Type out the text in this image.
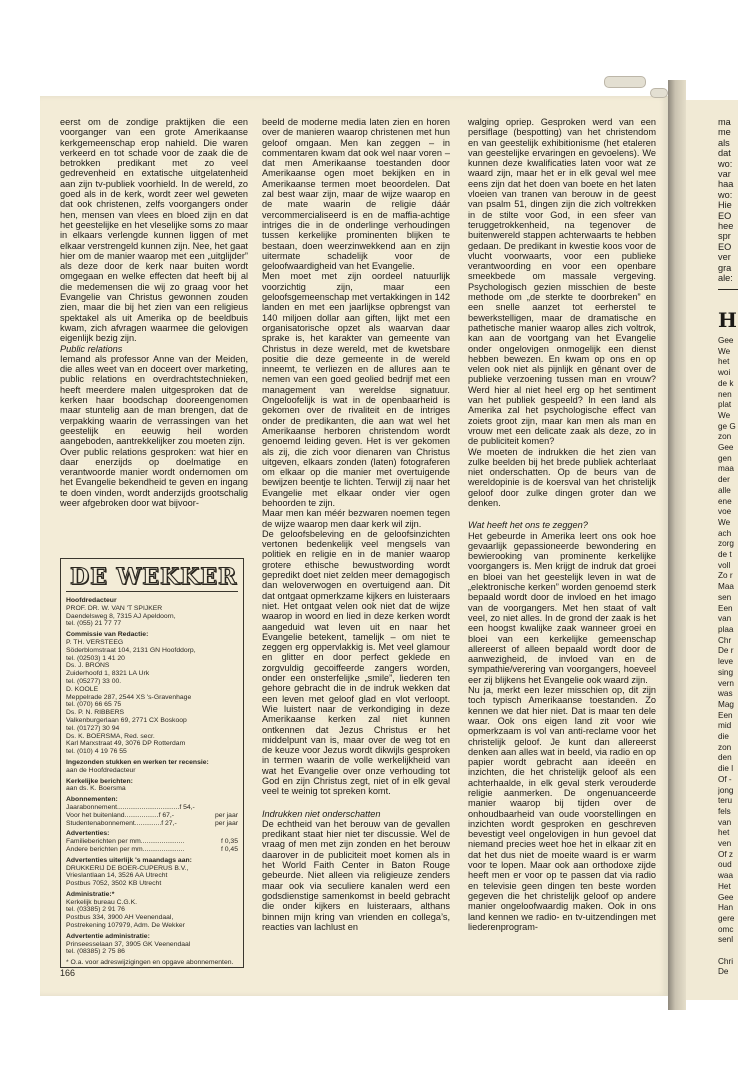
eerst om de zondige praktijken die een voorganger van een grote Amerikaanse kerkgemeenschap erop nahield. Die waren verkeerd en tot schade voor de zaak die de betrokken predikant met zo veel gedrevenheid en extatische uitgelatenheid aan zijn tv-publiek voorhield. In de wereld, zo goed als in de kerk, wordt zeer wel geweten dat ook christenen, zelfs voorgangers onder hen, mensen van vlees en bloed zijn en dat het geestelijke en het vleselijke soms zo maar in elkaars verlengde kunnen liggen of met elkaar verstrengeld kunnen zijn. Nee, het gaat hier om de manier waarop met een „uitglijder” als deze door de kerk naar buiten wordt omgegaan en welke effecten dat heeft bij al die medemensen die wij zo graag voor het Evangelie van Christus gewonnen zouden zien, maar die bij het zien van een religieus spektakel als uit Amerika op de beeldbuis kwam, zich afvragen waarmee die gelovigen eigenlijk bezig zijn.

Public relations

Iemand als professor Anne van der Meiden, die alles weet van en doceert over marketing, public relations en overdrachtstechnieken, heeft meerdere malen uitgesproken dat de kerken haar boodschap dooreengenomen maar stuntelig aan de man brengen, dat de verpakking waarin de verrassingen van het geestelijk en eeuwig heil worden aangeboden, aantrekkelijker zou moeten zijn.

Over public relations gesproken: wat hier en daar enerzijds op doelmatige en verantwoorde manier wordt ondernomen om het Evangelie bekendheid te geven en ingang te doen vinden, wordt anderzijds grootschalig weer afgebroken door wat bijvoor-

beeld de moderne media laten zien en horen over de manieren waarop christenen met hun geloof omgaan. Men kan zeggen – in commentaren kwam dat ook wel naar voren – dat men Amerikaanse toestanden door Amerikaanse ogen moet bekijken en in Amerikaanse termen moet beoordelen. Dat zal best waar zijn, maar de wijze waarop en de mate waarin de religie dáár vercommercialiseerd is en de maffia-achtige intriges die in de onderlinge verhoudingen tussen kerkelijke prominenten blijken te bestaan, doen weerzinwekkend aan en zijn uitermate schadelijk voor de geloofwaardigheid van het Evangelie.

Men moet met zijn oordeel natuurlijk voorzichtig zijn, maar een geloofsgemeenschap met vertakkingen in 142 landen en met een jaarlijkse opbrengst van 140 miljoen dollar aan giften, lijkt met een organisatorische opzet als waarvan daar sprake is, het karakter van gemeente van Christus in deze wereld, met de kwetsbare positie die deze gemeente in de wereld inneemt, te verliezen en de allures aan te nemen van een goed geolied bedrijf met een management van wereldse signatuur. Ongeloofelijk is wat in de openbaarheid is gekomen over de rivaliteit en de intriges onder de predikanten, die aan wat wel het Amerikaanse herboren christendom wordt genoemd leiding geven. Het is ver gekomen als zij, die zich voor dienaren van Christus uitgeven, elkaars zonden (laten) fotograferen om elkaar op die manier met overtuigende bewijzen beentje te lichten. Terwijl zij naar het Evangelie met elkaar onder vier ogen behoorden te zijn.

Maar men kan méér bezwaren noemen tegen de wijze waarop men daar kerk wil zijn.

De geloofsbeleving en de geloofsinzichten vertonen bedenkelijk veel mengsels van politiek en religie en in de manier waarop grotere ethische bewustwording wordt gepredikt doet niet zelden meer demagogisch dan weloverwogen en overtuigend aan. Dit dat ontgaat opmerkzame kijkers en luisteraars niet. Het ontgaat velen ook niet dat de wijze waarop in woord en lied in deze kerken wordt aangeduid wat leven uit en naar het Evangelie betekent, tamelijk – om niet te zeggen erg oppervlakkig is. Met veel glamour en glitter en door perfect geklede en zorgvuldig gecoiffeerde zangers worden, onder een onsterfelijke „smile”, liederen ten gehore gebracht die in de indruk wekken dat een leven met geloof glad en vlot verloopt. Wie luistert naar de verkondiging in deze Amerikaanse kerken zal niet kunnen ontkennen dat Jezus Christus er het middelpunt van is, maar over de weg tot en de keuze voor Jezus wordt dikwijls gesproken in termen waarin de volle werkelijkheid van wat het Evangelie over onze verhouding tot God en zijn Christus zegt, niet of in elk geval veel te weinig tot spreken komt.

Indrukken niet onderschatten

De echtheid van het berouw van de gevallen predikant staat hier niet ter discussie. Wel de vraag of men met zijn zonden en het berouw daarover in de publiciteit moet komen als in het World Faith Center in Baton Rouge gebeurde. Niet alleen via religieuze zenders maar ook via seculiere kanalen werd een godsdienstige samenkomst in beeld gebracht die onder kijkers en luisteraars, althans binnen mijn kring van vrienden en collega’s, reacties van lachlust en

walging opriep. Gesproken werd van een persiflage (bespotting) van het christendom en van geestelijk exhibitionisme (het etaleren van geestelijke ervaringen en gevoelens). We kunnen deze kwalificaties laten voor wat ze waard zijn, maar het er in elk geval wel mee eens zijn dat het doen van boete en het laten vloeien van tranen van berouw in de geest van psalm 51, dingen zijn die zich voltrekken in de stilte voor God, in een sfeer van teruggetrokkenheid, na tegenover de buitenwereld stappen achterwaarts te hebben gedaan. De predikant in kwestie koos voor de vlucht voorwaarts, voor een publieke verantwoording en voor een openbare smeekbede om massale vergeving. Psychologisch gezien misschien de beste methode om „de sterkte te doorbreken” en een snelle aanzet tot eerherstel te bewerkstelligen, maar de dramatische en pathetische manier waarop alles zich voltrok, kan aan de voortgang van het Evangelie onder ongelovigen onmogelijk een dienst hebben bewezen. En kwam op ons en op velen ook niet als pijnlijk en gênant over de publieke verzoening tussen man en vrouw? Werd hier al niet heel erg op het sentiment van het publiek gespeeld? In een land als Amerika zal het psychologische effect van zoiets groot zijn, maar kan men als man en vrouw met een delicate zaak als deze, zo in de publiciteit komen?

We moeten de indrukken die het zien van zulke beelden bij het brede publiek achterlaat niet onderschatten. Op de beurs van de wereldopinie is de koersval van het christelijk geloof door zulke dingen groter dan we denken.

Wat heeft het ons te zeggen?

Het gebeurde in Amerika leert ons ook hoe gevaarlijk gepassioneerde bewondering en bewierooking van prominente kerkelijke voorgangers is. Men krijgt de indruk dat groei en bloei van het geestelijk leven in wat de „elektronische kerken” worden genoemd sterk bepaald wordt door de invloed en het imago van de voorgangers. Met hen staat of valt veel, zo niet alles. In de grond der zaak is het een hoogst kwalijke zaak wanneer groei en bloei van een kerkelijke gemeenschap allereerst of alleen bepaald wordt door de aanwezigheid, de invloed van en de sympathie/verering van voorgangers, hoeveel eer zij blijkens het Evangelie ook waard zijn.

Nu ja, merkt een lezer misschien op, dit zijn toch typisch Amerikaanse toestanden. Zo kennen we dat hier niet. Dat is maar ten dele waar. Ook ons eigen land zit voor wie opmerkzaam is vol van anti-reclame voor het christelijk geloof. Je kunt dan allereerst denken aan alles wat in beeld, via radio en op papier wordt gebracht aan ideeën en inzichten, die het christelijk geloof als een achterhaalde, in elk geval sterk verouderde religie aanmerken. De ongenuanceerde manier waarop bij tijden over de onhoudbaarheid van oude voorstellingen en inzichten wordt gesproken en geschreven bevestigt veel ongelovigen in hun gevoel dat niemand precies weet hoe het in elkaar zit en dat het dus niet de moeite waard is er warm voor te lopen. Maar ook aan orthodoxe zijde heeft men er voor op te passen dat via radio en televisie geen dingen ten beste worden gegeven die het christelijk geloof op andere manier ongeloofwaardig maken. Ook in ons land kennen we radio- en tv-uitzendingen met liederenprogram-

DE WEKKER
Hoofdredacteur
PROF. DR. W. VAN 'T SPIJKER
Daendelsweg 8, 7315 AJ Apeldoorn,
tel. (055) 21 77 77
Commissie van Redactie:
P. TH. VERSTEEG
Söderblomstraat 104, 2131 GN Hoofddorp,
tel. (02503) 1 41 20
Ds. J. BRONS
Zuiderhoofd 1, 8321 LA Urk
tel. (05277) 33 00.
D. KOOLE
Meppelrade 287, 2544 XS 's-Gravenhage
tel. (070) 66 65 75
Ds. P. N. RIBBERS
Valkenburgerlaan 69, 2771 CX Boskoop
tel. (01727) 30 94
Ds. K. BOERSMA, Red. secr.
Karl Marxstraat 49, 3076 DP Rotterdam
tel. (010) 4 19 76 55
Ingezonden stukken en werken ter recensie:
aan de Hoofdredacteur
Kerkelijke berichten:
aan ds. K. Boersma
Abonnementen:
Jaarabonnement.................................f 54,-
Voor het buitenland..................f 67,-	per jaar
Studentenabonnement..............f 27,-	per jaar
Advertenties:
Familieberichten per mm.......................	f 0,35
Andere berichten per mm......................	f 0,45
Advertenties uiterlijk 's maandags aan:
DRUKKERIJ DE BOER-CUPERUS B.V.,
Vrieslantlaan 14, 3526 AA Utrecht
Postbus 7052, 3502 KB Utrecht
Administratie:*
Kerkelijk bureau C.G.K.
tel. (03385) 2 91 76
Postbus 334, 3900 AH Veenendaal,
Postrekening 107979, Adm. De Wekker
Advertentie administratie:
Prinseesselaan 37, 3905 GK Veenendaal
tel. (08385) 2 75 86
* O.a. voor adreswijzigingen en opgave abonnementen.
166
ma
me
als
dat
wo:
var
haa
wo:
Hie
EO
hee
spr
EO
ver
gra
ale:
H
Gee
We
het
woi
de k
nen
plat
We
ge G
zon
Gee
gen
maa
der
alle
ene
voe
We
ach
zorg
de t
voll
Zo r
Maa
sen
Een
van
plaa
Chr
De r
leve
sing
vern
was
Mag
Een
mid
die
zon
den
die l
Of -
jong
teru
fels
van
het
ven
Of z
oud
waa
Het
Gee
Han
gere
omc
senl

Chri
De
